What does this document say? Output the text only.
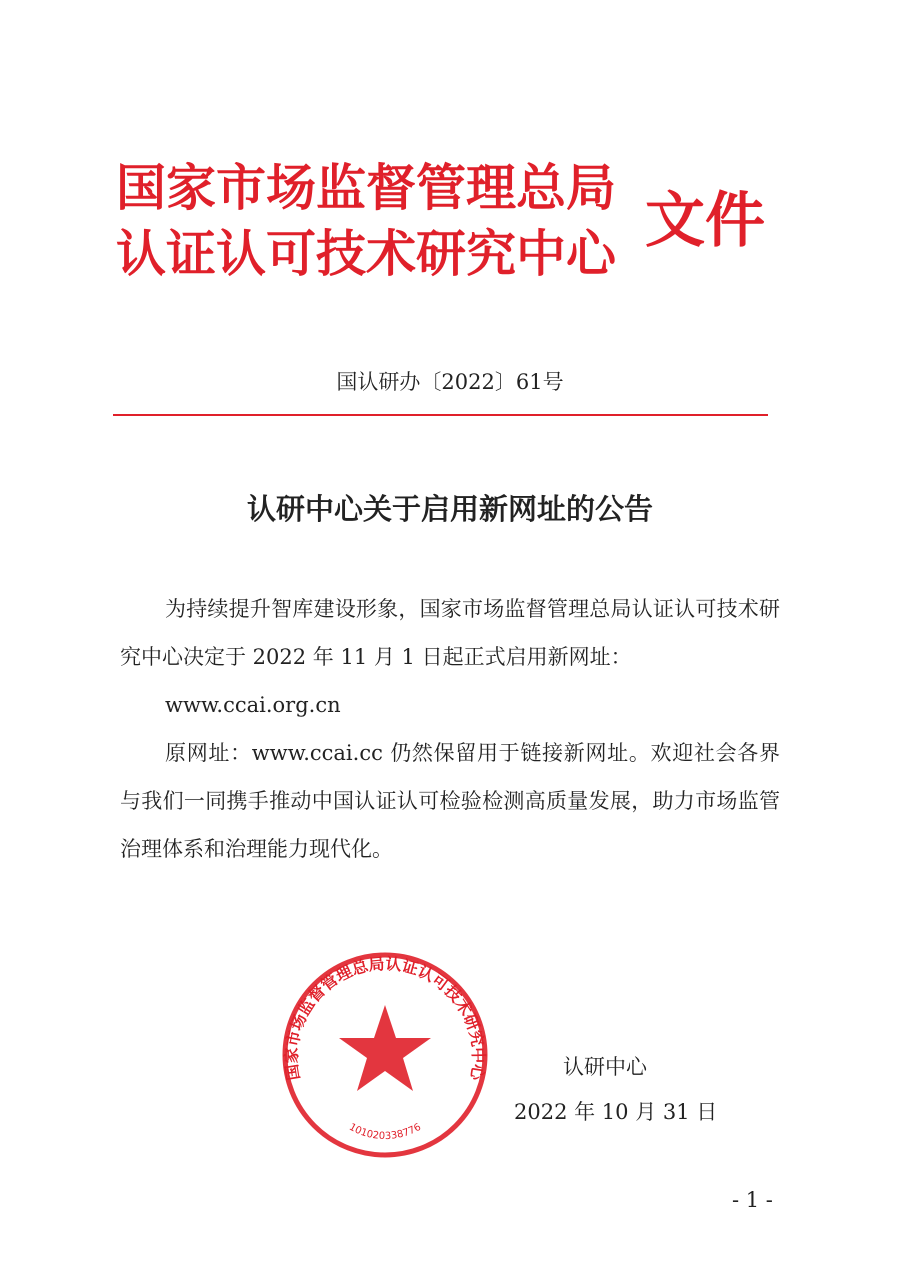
国家市场监督管理总局
认证认可技术研究中心 文件
国认研办〔2022〕61号
认研中心关于启用新网址的公告

为持续提升智库建设形象，国家市场监督管理总局认证认可技术研究中心决定于 2022 年 11 月 1 日起正式启用新网址：

www.ccai.org.cn

原网址：www.ccai.cc 仍然保留用于链接新网址。欢迎社会各界与我们一同携手推动中国认证认可检验检测高质量发展，助力市场监管治理体系和治理能力现代化。

国家市场监督管理总局认证认可技术研究中心
101020338776
认研中心
2022 年 10 月 31 日
- 1 -
